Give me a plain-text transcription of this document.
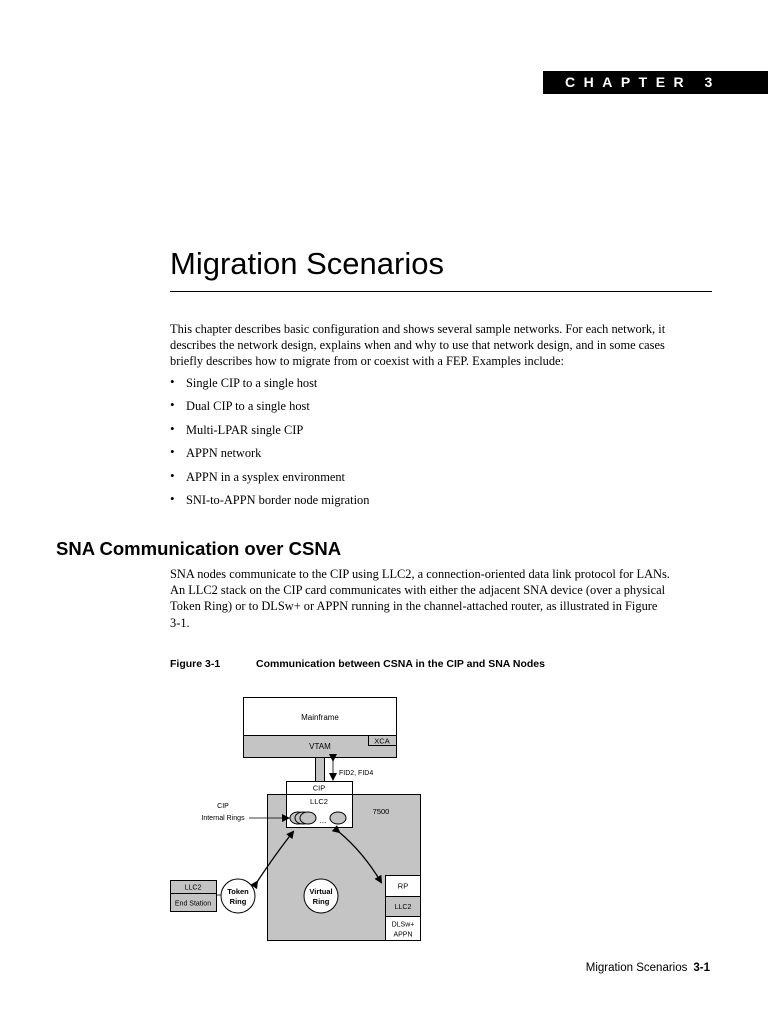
CHAPTER 3
Migration Scenarios

This chapter describes basic configuration and shows several sample networks. For each network, it describes the network design, explains when and why to use that network design, and in some cases briefly describes how to migrate from or coexist with a FEP. Examples include:

• Single CIP to a single host
• Dual CIP to a single host
• Multi-LPAR single CIP
• APPN network
• APPN in a sysplex environment
• SNI-to-APPN border node migration
SNA Communication over CSNA

SNA nodes communicate to the CIP using LLC2, a connection-oriented data link protocol for LANs. An LLC2 stack on the CIP card communicates with either the adjacent SNA device (over a physical Token Ring) or to DLSw+ or APPN running in the channel-attached router, as illustrated in Figure 3-1.

Figure 3-1	Communication between CSNA in the CIP and SNA Nodes
Mainframe
VTAM
XCA
FID2, FID4
7500
CIP
LLC2
...
CIP
Internal Rings
LLC2
End Station
Token
Ring
Virtual
Ring
RP
LLC2
DLSw+
APPN
Migration Scenarios 3-1
